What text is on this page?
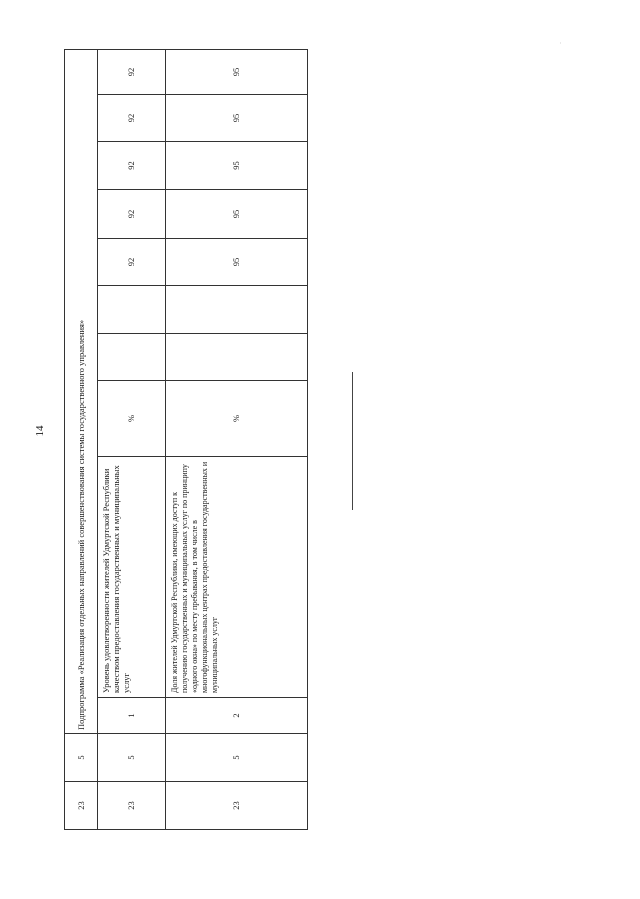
14
'
23	5	Подпрограмма «Реализация отдельных направлений совершенствования системы государственного управления»									
23	5	1	Уровень удовлетворенности жителей Удмуртской Республики качеством предоставления государственных и муниципальных услуг	%			92	92	92	92	92
23	5	2	Доля жителей Удмуртской Республики, имеющих доступ к получению государственных и муниципальных услуг по принципу «одного окна» по месту пребывания, в том числе в многофункциональных центрах предоставления государственных и муниципальных услуг	%			95	95	95	95	95
